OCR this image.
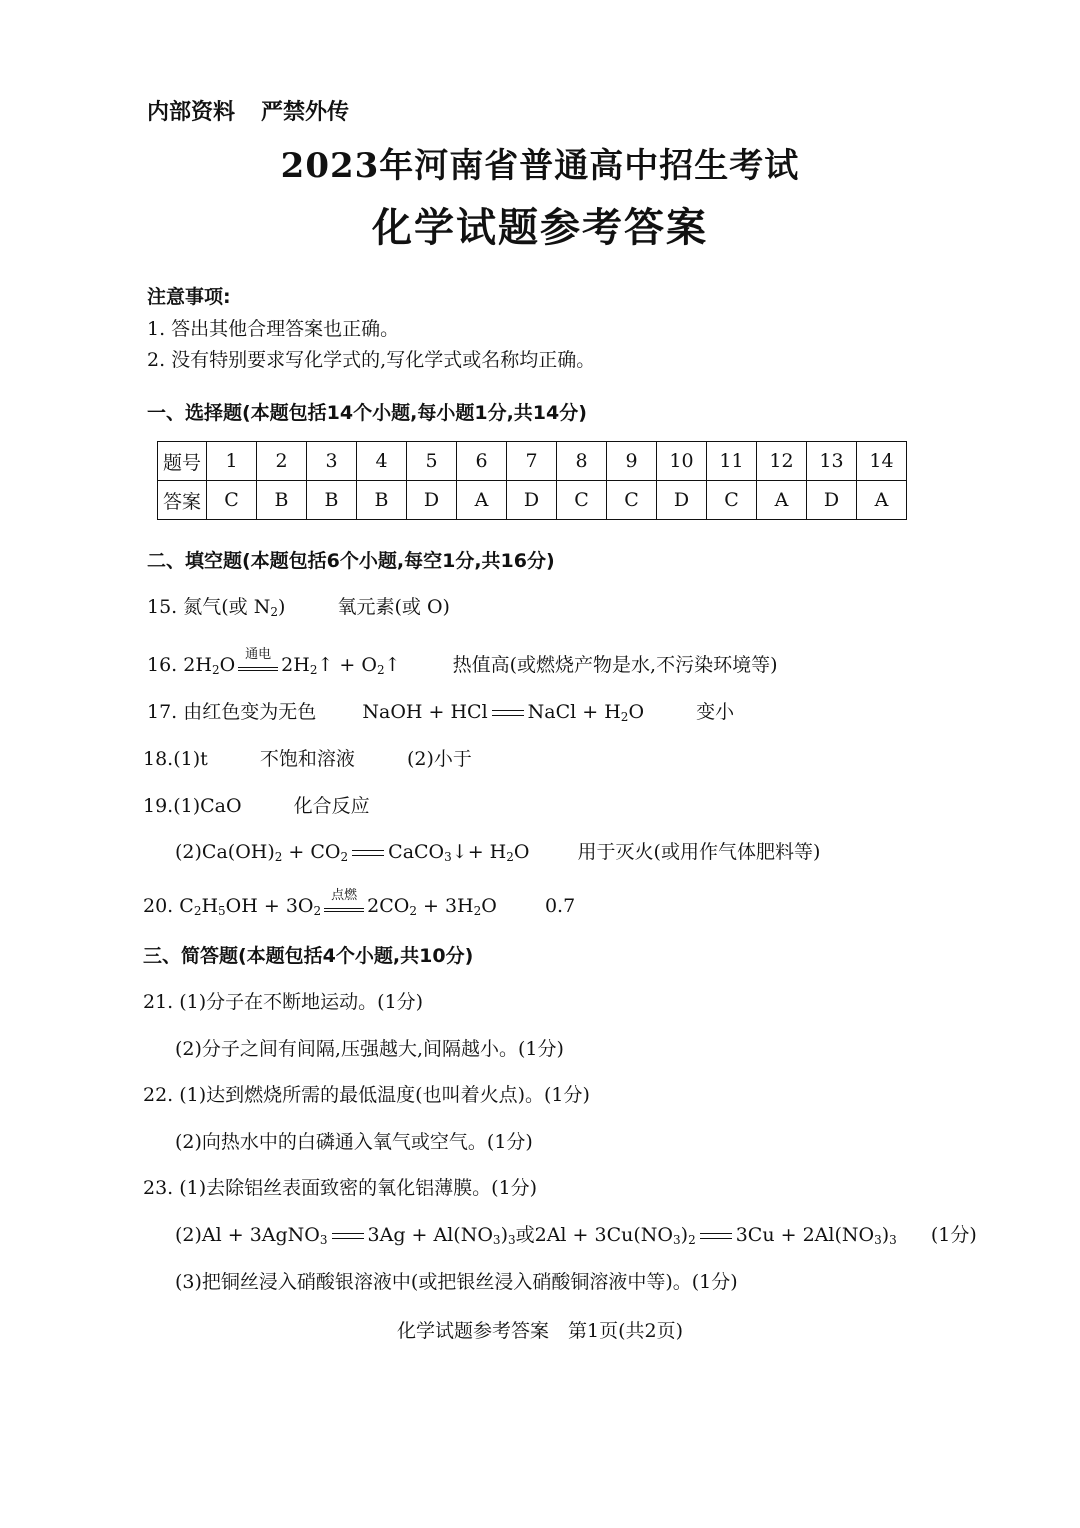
内部资料 严禁外传
2023年河南省普通高中招生考试
化学试题参考答案
注意事项:
1. 答出其他合理答案也正确。
2. 没有特别要求写化学式的,写化学式或名称均正确。
一、选择题(本题包括14个小题,每小题1分,共14分)
题号	1	2	3	4	5	6	7	8	9	10	11	12	13	14
答案	C	B	B	B	D	A	D	C	C	D	C	A	D	A
二、填空题(本题包括6个小题,每空1分,共16分)
15. 氮气(或 $N_2$)	氧元素(或 O)
16. $2H_2O$ 通电 $2H_2↑$ + $O_2↑$	热值高(或燃烧产物是水,不污染环境等)
17. 由红色变为无色 NaOH + HCl NaCl + $H_2O$	变小
18.(1)t	不饱和溶液	(2)小于
19.(1)CaO	化合反应
$(2)Ca(OH)_2 + CO_2$ CaCO$_3$↓+ $H_2O$	用于灭火(或用作气体肥料等)
20. $C_2H_5OH + 3O_2$
点燃 $2CO_2 + 3H_2O$	0.7
三、简答题(本题包括4个小题,共10分)
21. (1)分子在不断地运动。(1分)
(2)分子之间有间隔,压强越大,间隔越小。(1分)
22. (1)达到燃烧所需的最低温度(也叫着火点)。(1分)
(2)向热水中的白磷通入氧气或空气。(1分)
23. (1)去除铝丝表面致密的氧化铝薄膜。(1分)
(2)Al + 3AgNO$_3$ $3Ag + Al(NO_3)_3$或$2Al + 3Cu(NO_3)_2$ $3Cu + 2Al(NO_3)_3$ (1分)
(3)把铜丝浸入硝酸银溶液中(或把银丝浸入硝酸铜溶液中等)。(1分)
化学试题参考答案　第1页(共2页)
